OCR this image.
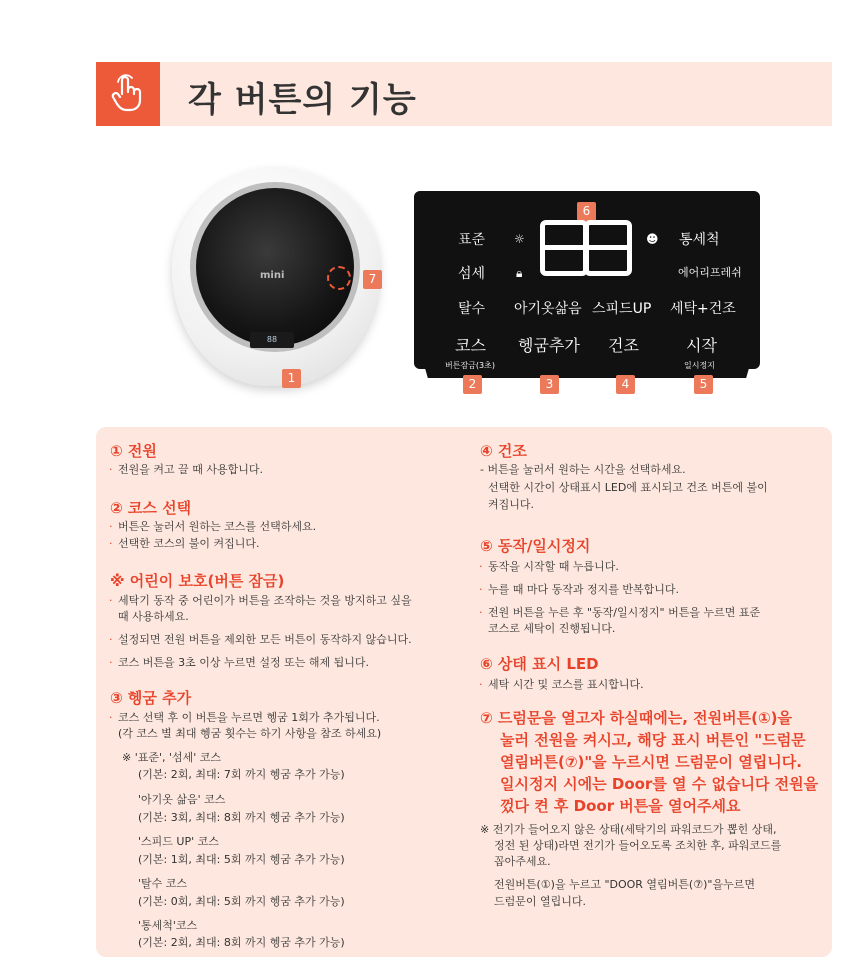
각 버튼의 기능
mini
88
1
7
6
표준
섬세
탈수
☼
🔒︎
☻ 통세척
에어리프레쉬
세탁+건조
아기옷삶음 스피드UP
코스
버튼잠금(3초)
헹굼추가 건조	시작
일시정지
2	3	4	5
① 전원
· 전원을 켜고 끌 때 사용합니다.
② 코스 선택
· 버튼은 눌러서 원하는 코스를 선택하세요.
· 선택한 코스의 불이 켜집니다.
※ 어린이 보호(버튼 잠금)
· 세탁기 동작 중 어린이가 버튼을 조작하는 것을 방지하고 싶을
때 사용하세요.
· 설정되면 전원 버튼을 제외한 모든 버튼이 동작하지 않습니다.
· 코스 버튼을 3초 이상 누르면 설정 또는 해제 됩니다.
③ 헹굼 추가
· 코스 선택 후 이 버튼을 누르면 헹굼 1회가 추가됩니다.
(각 코스 별 최대 헹굼 횟수는 하기 사항을 참조 하세요)
※ '표준', '섬세' 코스
(기본: 2회, 최대: 7회 까지 헹굼 추가 가능)
'아기옷 삶음' 코스
(기본: 3회, 최대: 8회 까지 헹굼 추가 가능)
'스피드 UP' 코스
(기본: 1회, 최대: 5회 까지 헹굼 추가 가능)
'탈수 코스
(기본: 0회, 최대: 5회 까지 헹굼 추가 가능)
'통세척'코스
(기본: 2회, 최대: 8회 까지 헹굼 추가 가능)
④ 건조
- 버튼을 눌러서 원하는 시간을 선택하세요.
선택한 시간이 상태표시 LED에 표시되고 건조 버튼에 불이
켜집니다.
⑤ 동작/일시정지
· 동작을 시작할 때 누릅니다.
· 누를 때 마다 동작과 정지를 반복합니다.
· 전원 버튼을 누른 후 "동작/일시정지" 버튼을 누르면 표준
코스로 세탁이 진행됩니다.
⑥ 상태 표시 LED
· 세탁 시간 및 코스를 표시합니다.
⑦ 드럼문을 열고자 하실때에는, 전원버튼(①)을
눌러 전원을 켜시고, 해당 표시 버튼인 "드럼문
열림버튼(⑦)"을 누르시면 드럼문이 열립니다.
일시정지 시에는 Door를 열 수 없습니다 전원을
껐다 켠 후 Door 버튼을 열어주세요
※ 전기가 들어오지 않은 상태(세탁기의 파워코드가 뽑힌 상태,
정전 된 상태)라면 전기가 들어오도록 조치한 후, 파워코드를
꼽아주세요.
전원버튼(①)을 누르고 "DOOR 열림버튼(⑦)"을누르면
드럼문이 열립니다.
